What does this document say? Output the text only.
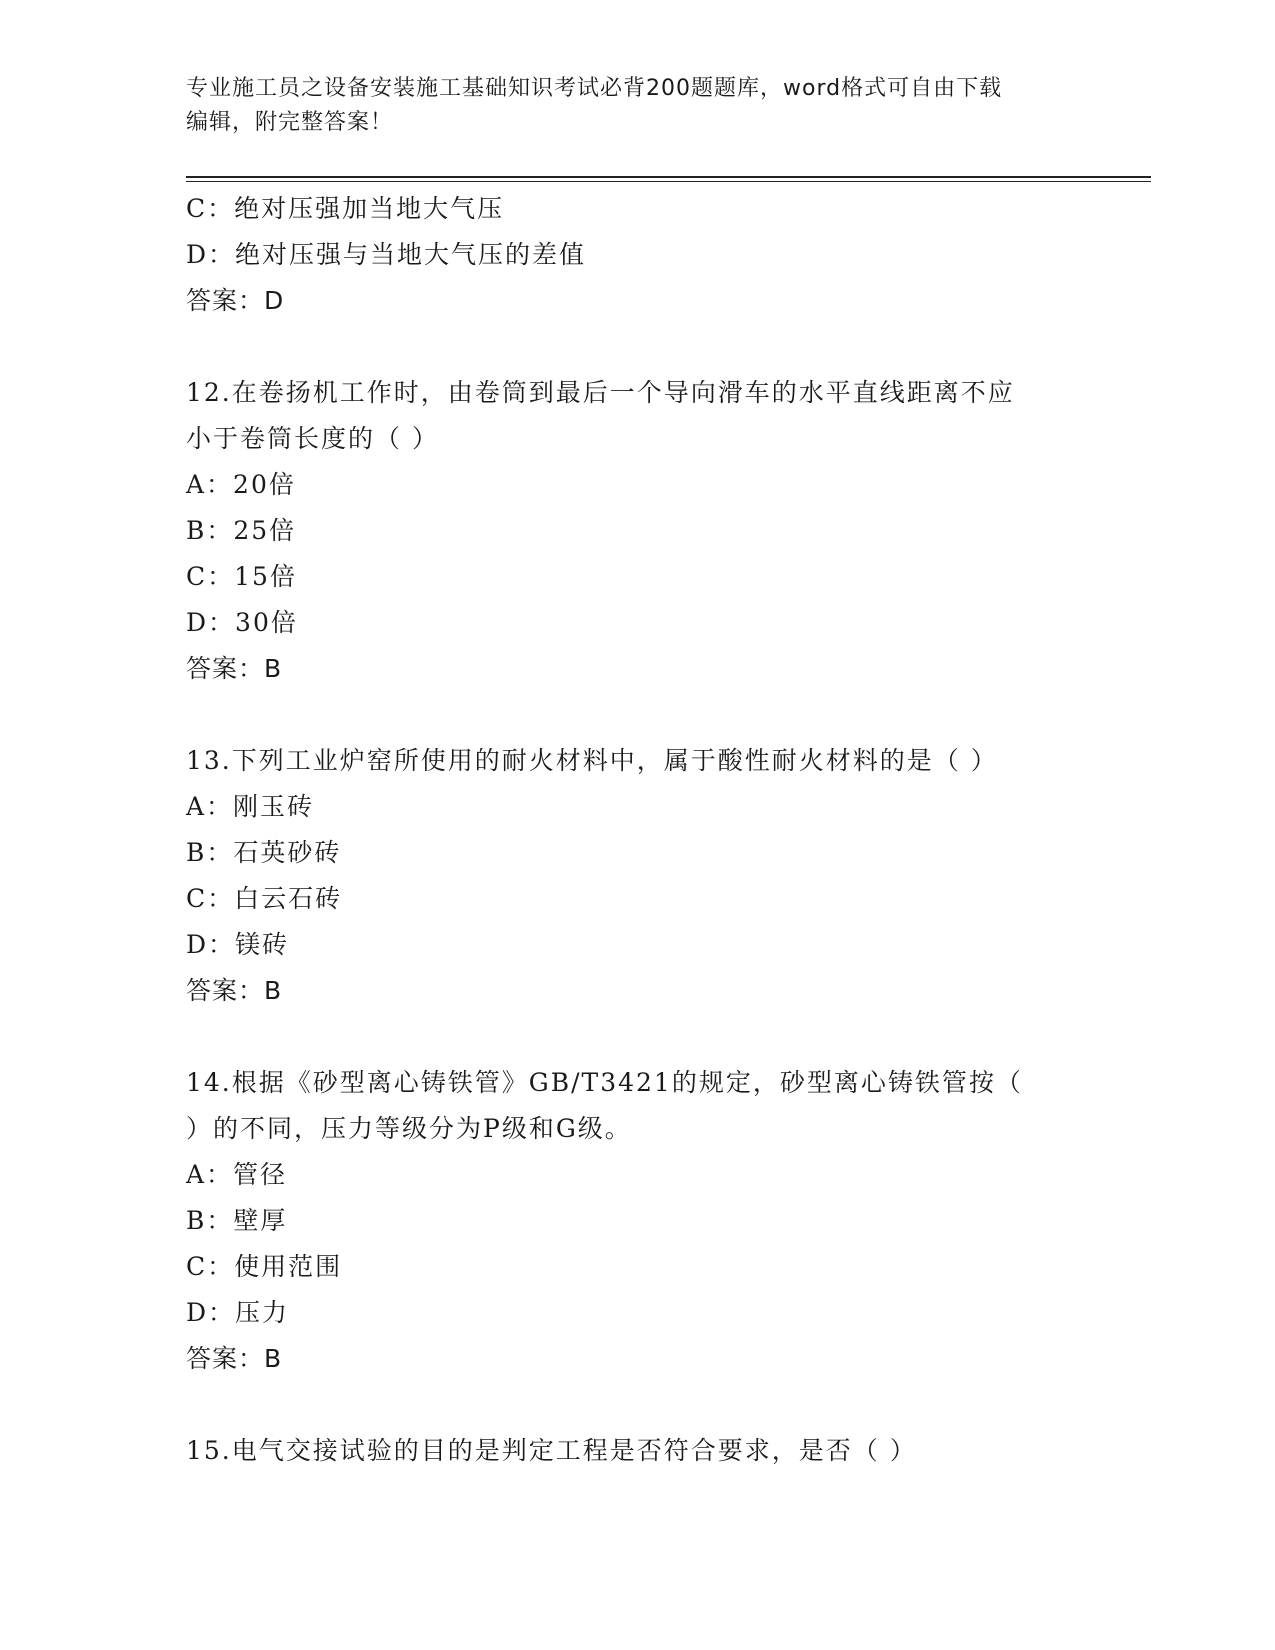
专业施工员之设备安装施工基础知识考试必背200题题库，word格式可自由下载
编辑，附完整答案！
C：绝对压强加当地大气压
D：绝对压强与当地大气压的差值
答案：D
12.在卷扬机工作时，由卷筒到最后一个导向滑车的水平直线距离不应
小于卷筒长度的（ ）
A：20倍
B：25倍
C：15倍
D：30倍
答案：B
13.下列工业炉窑所使用的耐火材料中，属于酸性耐火材料的是（ ）
A：刚玉砖
B：石英砂砖
C：白云石砖
D：镁砖
答案：B
14.根据《砂型离心铸铁管》GB/T3421的规定，砂型离心铸铁管按（
）的不同，压力等级分为P级和G级。
A：管径
B：壁厚
C：使用范围
D：压力
答案：B
15.电气交接试验的目的是判定工程是否符合要求，是否（ ）
